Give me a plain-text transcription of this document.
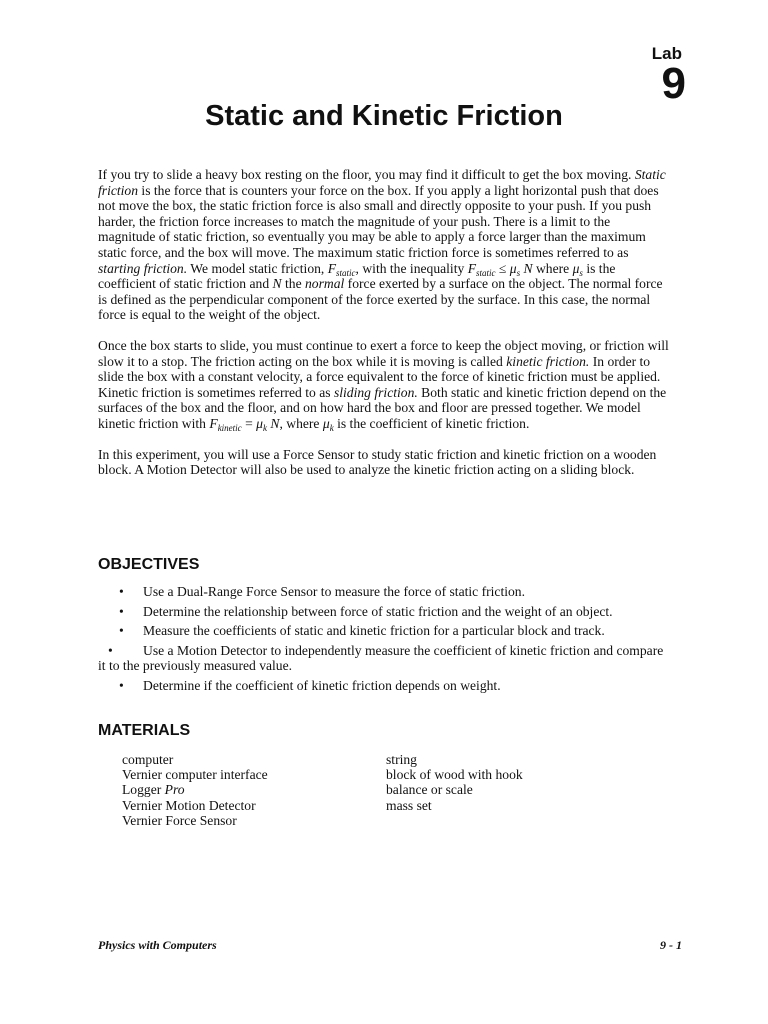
Lab
9
Static and Kinetic Friction

If you try to slide a heavy box resting on the floor, you may find it difficult to get the box moving. Static friction is the force that is counters your force on the box. If you apply a light horizontal push that does not move the box, the static friction force is also small and directly opposite to your push. If you push harder, the friction force increases to match the magnitude of your push. There is a limit to the magnitude of static friction, so eventually you may be able to apply a force larger than the maximum static force, and the box will move. The maximum static friction force is sometimes referred to as starting friction. We model static friction, $F_{static}$, with the inequality $F_{static} \le \mu_s$ N where $\mu_s$ is the coefficient of static friction and N the normal force exerted by a surface on the object. The normal force is defined as the perpendicular component of the force exerted by the surface. In this case, the normal force is equal to the weight of the object.

Once the box starts to slide, you must continue to exert a force to keep the object moving, or friction will slow it to a stop. The friction acting on the box while it is moving is called kinetic friction. In order to slide the box with a constant velocity, a force equivalent to the force of kinetic friction must be applied. Kinetic friction is sometimes referred to as sliding friction. Both static and kinetic friction depend on the surfaces of the box and the floor, and on how hard the box and floor are pressed together. We model kinetic friction with $F_{kinetic} = \mu_k$ N, where $\mu_k$ is the coefficient of kinetic friction.

In this experiment, you will use a Force Sensor to study static friction and kinetic friction on a wooden block. A Motion Detector will also be used to analyze the kinetic friction acting on a sliding block.

OBJECTIVES
• Use a Dual-Range Force Sensor to measure the force of static friction.
• Determine the relationship between force of static friction and the weight of an object.
• Measure the coefficients of static and kinetic friction for a particular block and track.
• Use a Motion Detector to independently measure the coefficient of kinetic friction and compare it to the previously measured value.
• Determine if the coefficient of kinetic friction depends on weight.
MATERIALS
computer
Vernier computer interface
Logger Pro
Vernier Motion Detector
Vernier Force Sensor
string
block of wood with hook
balance or scale
mass set
Physics with Computers	9 - 1
